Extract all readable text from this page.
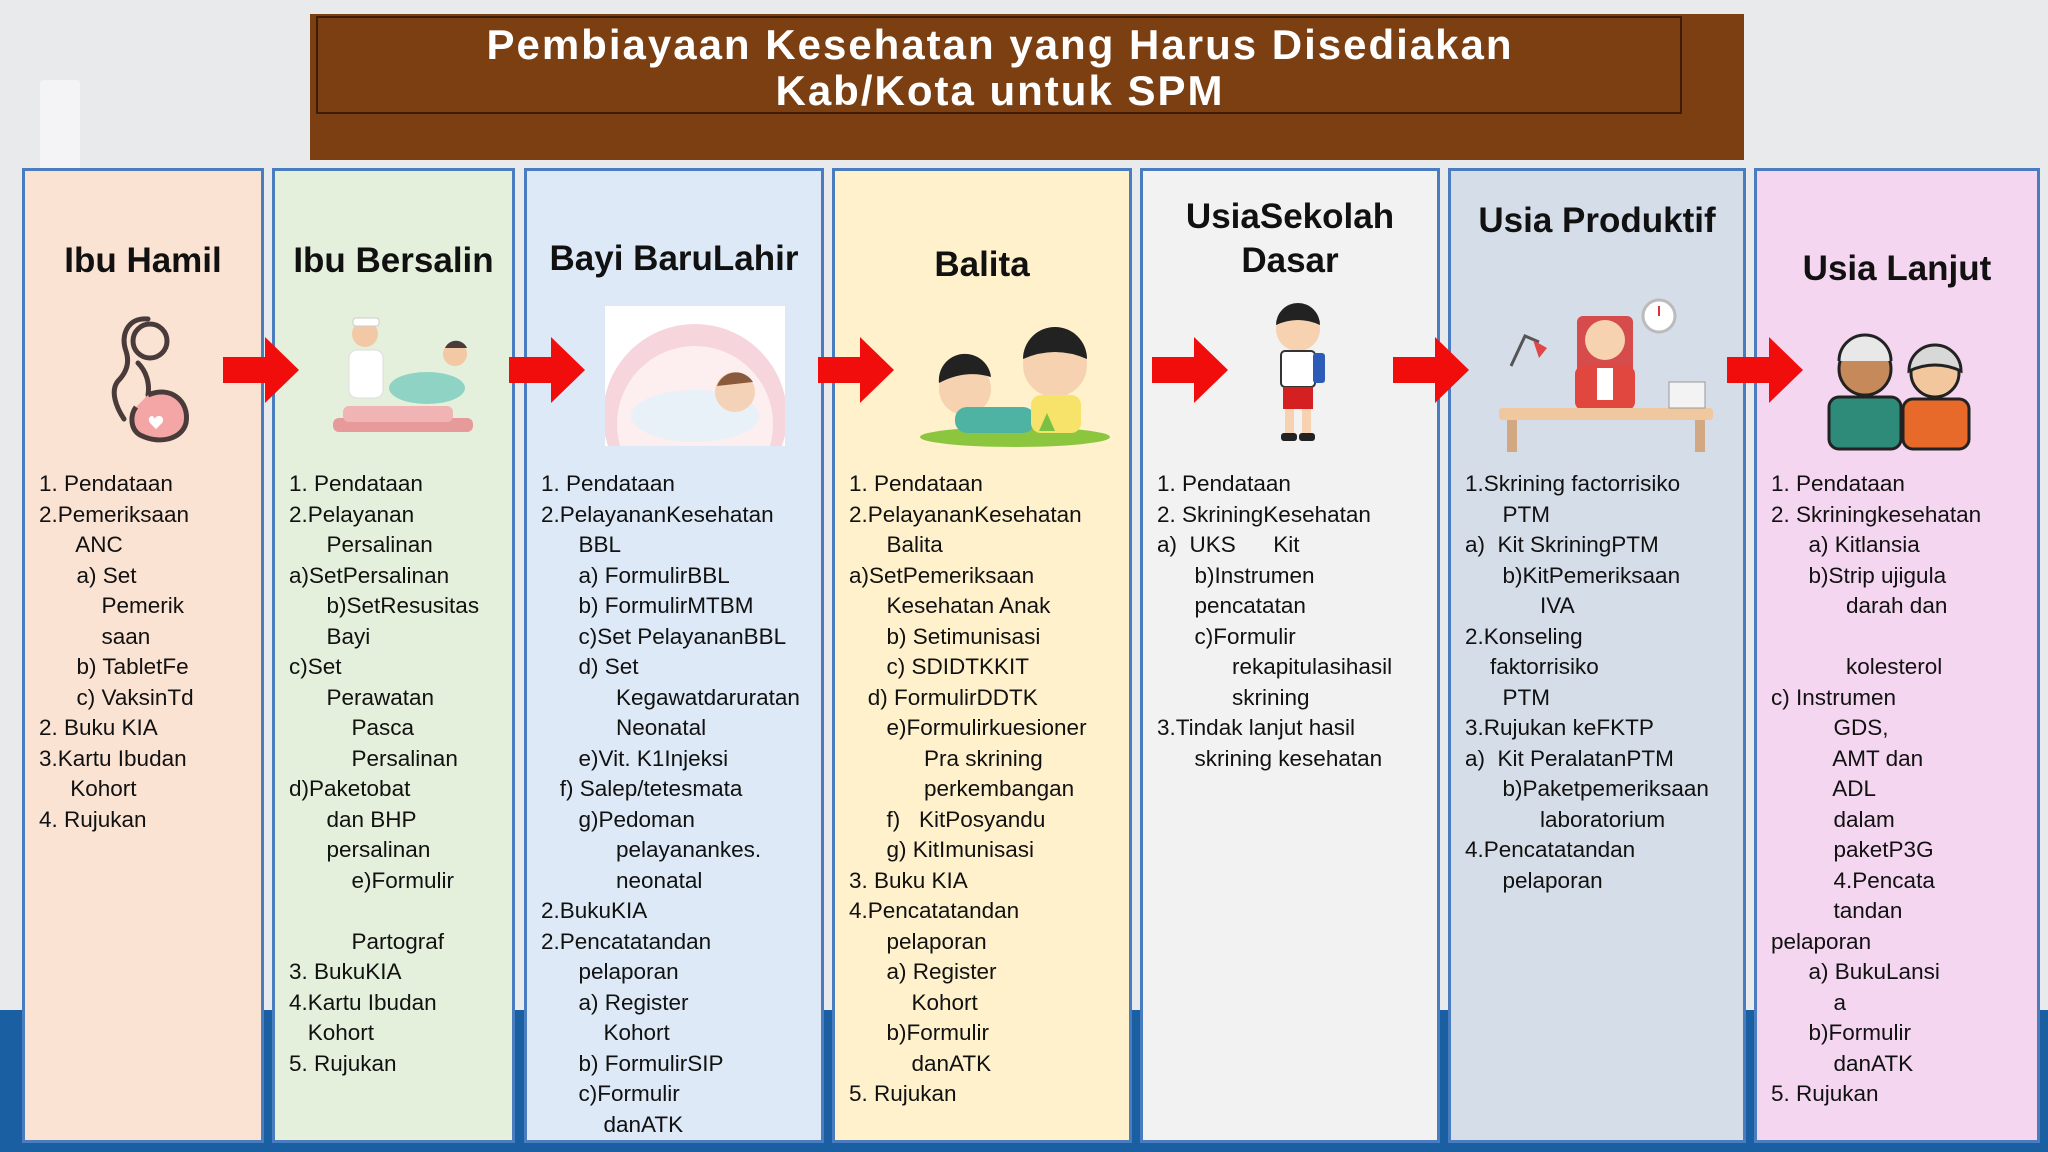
Pembiayaan Kesehatan yang Harus Disediakan
Kab/Kota untuk SPM
Ibu Hamil
1. Pendataan
2.Pemeriksaan
ANC
a) Set
Pemerik
saan
b) TabletFe
c) VaksinTd
2. Buku KIA
3.Kartu Ibudan
Kohort
4. Rujukan
Ibu Bersalin
1. Pendataan
2.Pelayanan
Persalinan
a)SetPersalinan
b)SetResusitas
Bayi
c)Set
Perawatan
Pasca
Persalinan
d)Paketobat
dan BHP
persalinan
e)Formulir
Partograf
3. BukuKIA
4.Kartu Ibudan
Kohort
5. Rujukan
Bayi BaruLahir
1. Pendataan
2.PelayananKesehatan
BBL
a) FormulirBBL
b) FormulirMTBM
c)Set PelayananBBL
d) Set
Kegawatdaruratan
Neonatal
e)Vit. K1Injeksi
f) Salep/tetesmata
g)Pedoman
pelayanankes.
neonatal
2.BukuKIA
2.Pencatatandan
pelaporan
a) Register
Kohort
b) FormulirSIP
c)Formulir
danATK
Balita
1. Pendataan
2.PelayananKesehatan
Balita
a)SetPemeriksaan
Kesehatan Anak
b) Setimunisasi
c) SDIDTKKIT
d) FormulirDDTK
e)Formulirkuesioner
Pra skrining
perkembangan
f)   KitPosyandu
g) KitImunisasi
3. Buku KIA
4.Pencatatandan
pelaporan
a) Register
Kohort
b)Formulir
danATK
5. Rujukan
UsiaSekolah
Dasar
1. Pendataan
2. SkriningKesehatan
a)  UKS      Kit
b)Instrumen
pencatatan
c)Formulir
rekapitulasihasil
skrining
3.Tindak lanjut hasil
skrining kesehatan
Usia Produktif
1.Skrining factorrisiko
PTM
a)  Kit SkriningPTM
b)KitPemeriksaan
IVA
2.Konseling
faktorrisiko
PTM
3.Rujukan keFKTP
a)  Kit PeralatanPTM
b)Paketpemeriksaan
laboratorium
4.Pencatatandan
pelaporan
Usia Lanjut
1. Pendataan
2. Skriningkesehatan
a) Kitlansia
b)Strip ujigula
darah dan
kolesterol
c) Instrumen
GDS,
AMT dan
ADL
dalam
paketP3G
4.Pencata
tandan
pelaporan
a) BukuLansi
a
b)Formulir
danATK
5. Rujukan
